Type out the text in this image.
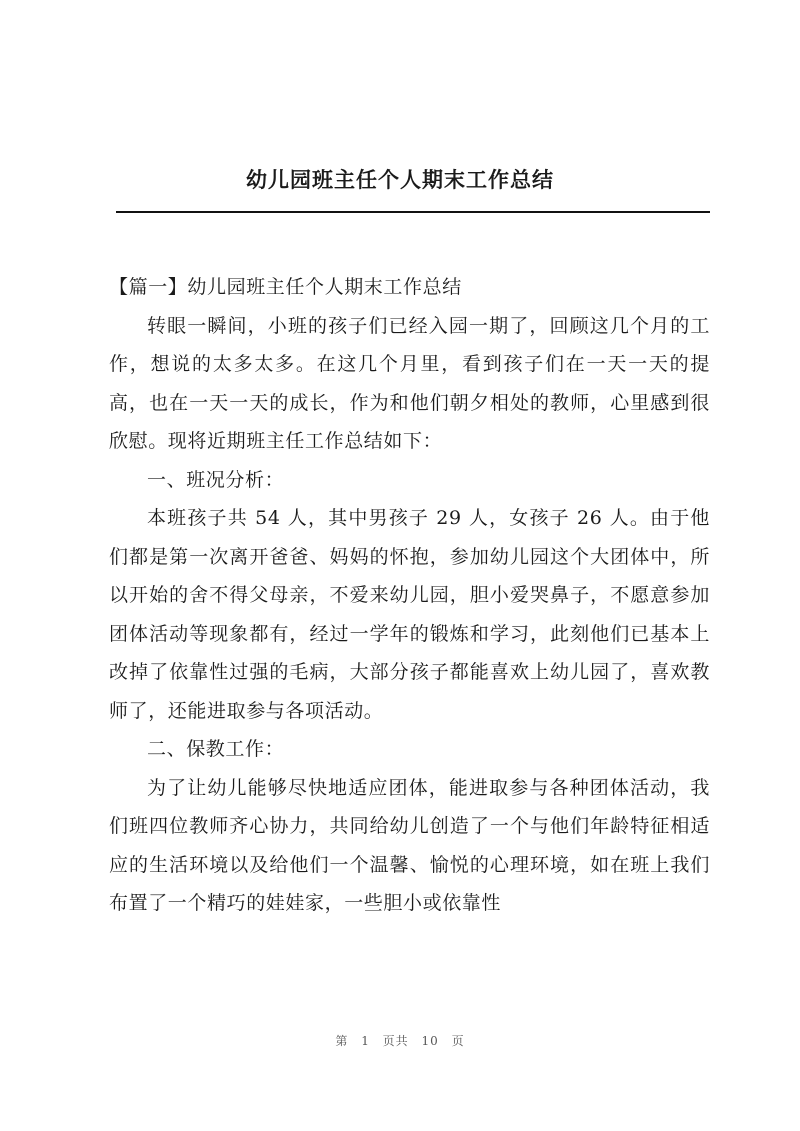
幼儿园班主任个人期末工作总结

【篇一】幼儿园班主任个人期末工作总结

转眼一瞬间，小班的孩子们已经入园一期了，回顾这几个月的工作，想说的太多太多。在这几个月里，看到孩子们在一天一天的提高，也在一天一天的成长，作为和他们朝夕相处的教师，心里感到很欣慰。现将近期班主任工作总结如下：

一、班况分析：

本班孩子共 54 人，其中男孩子 29 人，女孩子 26 人。由于他们都是第一次离开爸爸、妈妈的怀抱，参加幼儿园这个大团体中，所以开始的舍不得父母亲，不爱来幼儿园，胆小爱哭鼻子，不愿意参加团体活动等现象都有，经过一学年的锻炼和学习，此刻他们已基本上改掉了依靠性过强的毛病，大部分孩子都能喜欢上幼儿园了，喜欢教师了，还能进取参与各项活动。

二、保教工作：

为了让幼儿能够尽快地适应团体，能进取参与各种团体活动，我们班四位教师齐心协力，共同给幼儿创造了一个与他们年龄特征相适应的生活环境以及给他们一个温馨、愉悦的心理环境，如在班上我们布置了一个精巧的娃娃家，一些胆小或依靠性

第 1 页共 10 页
